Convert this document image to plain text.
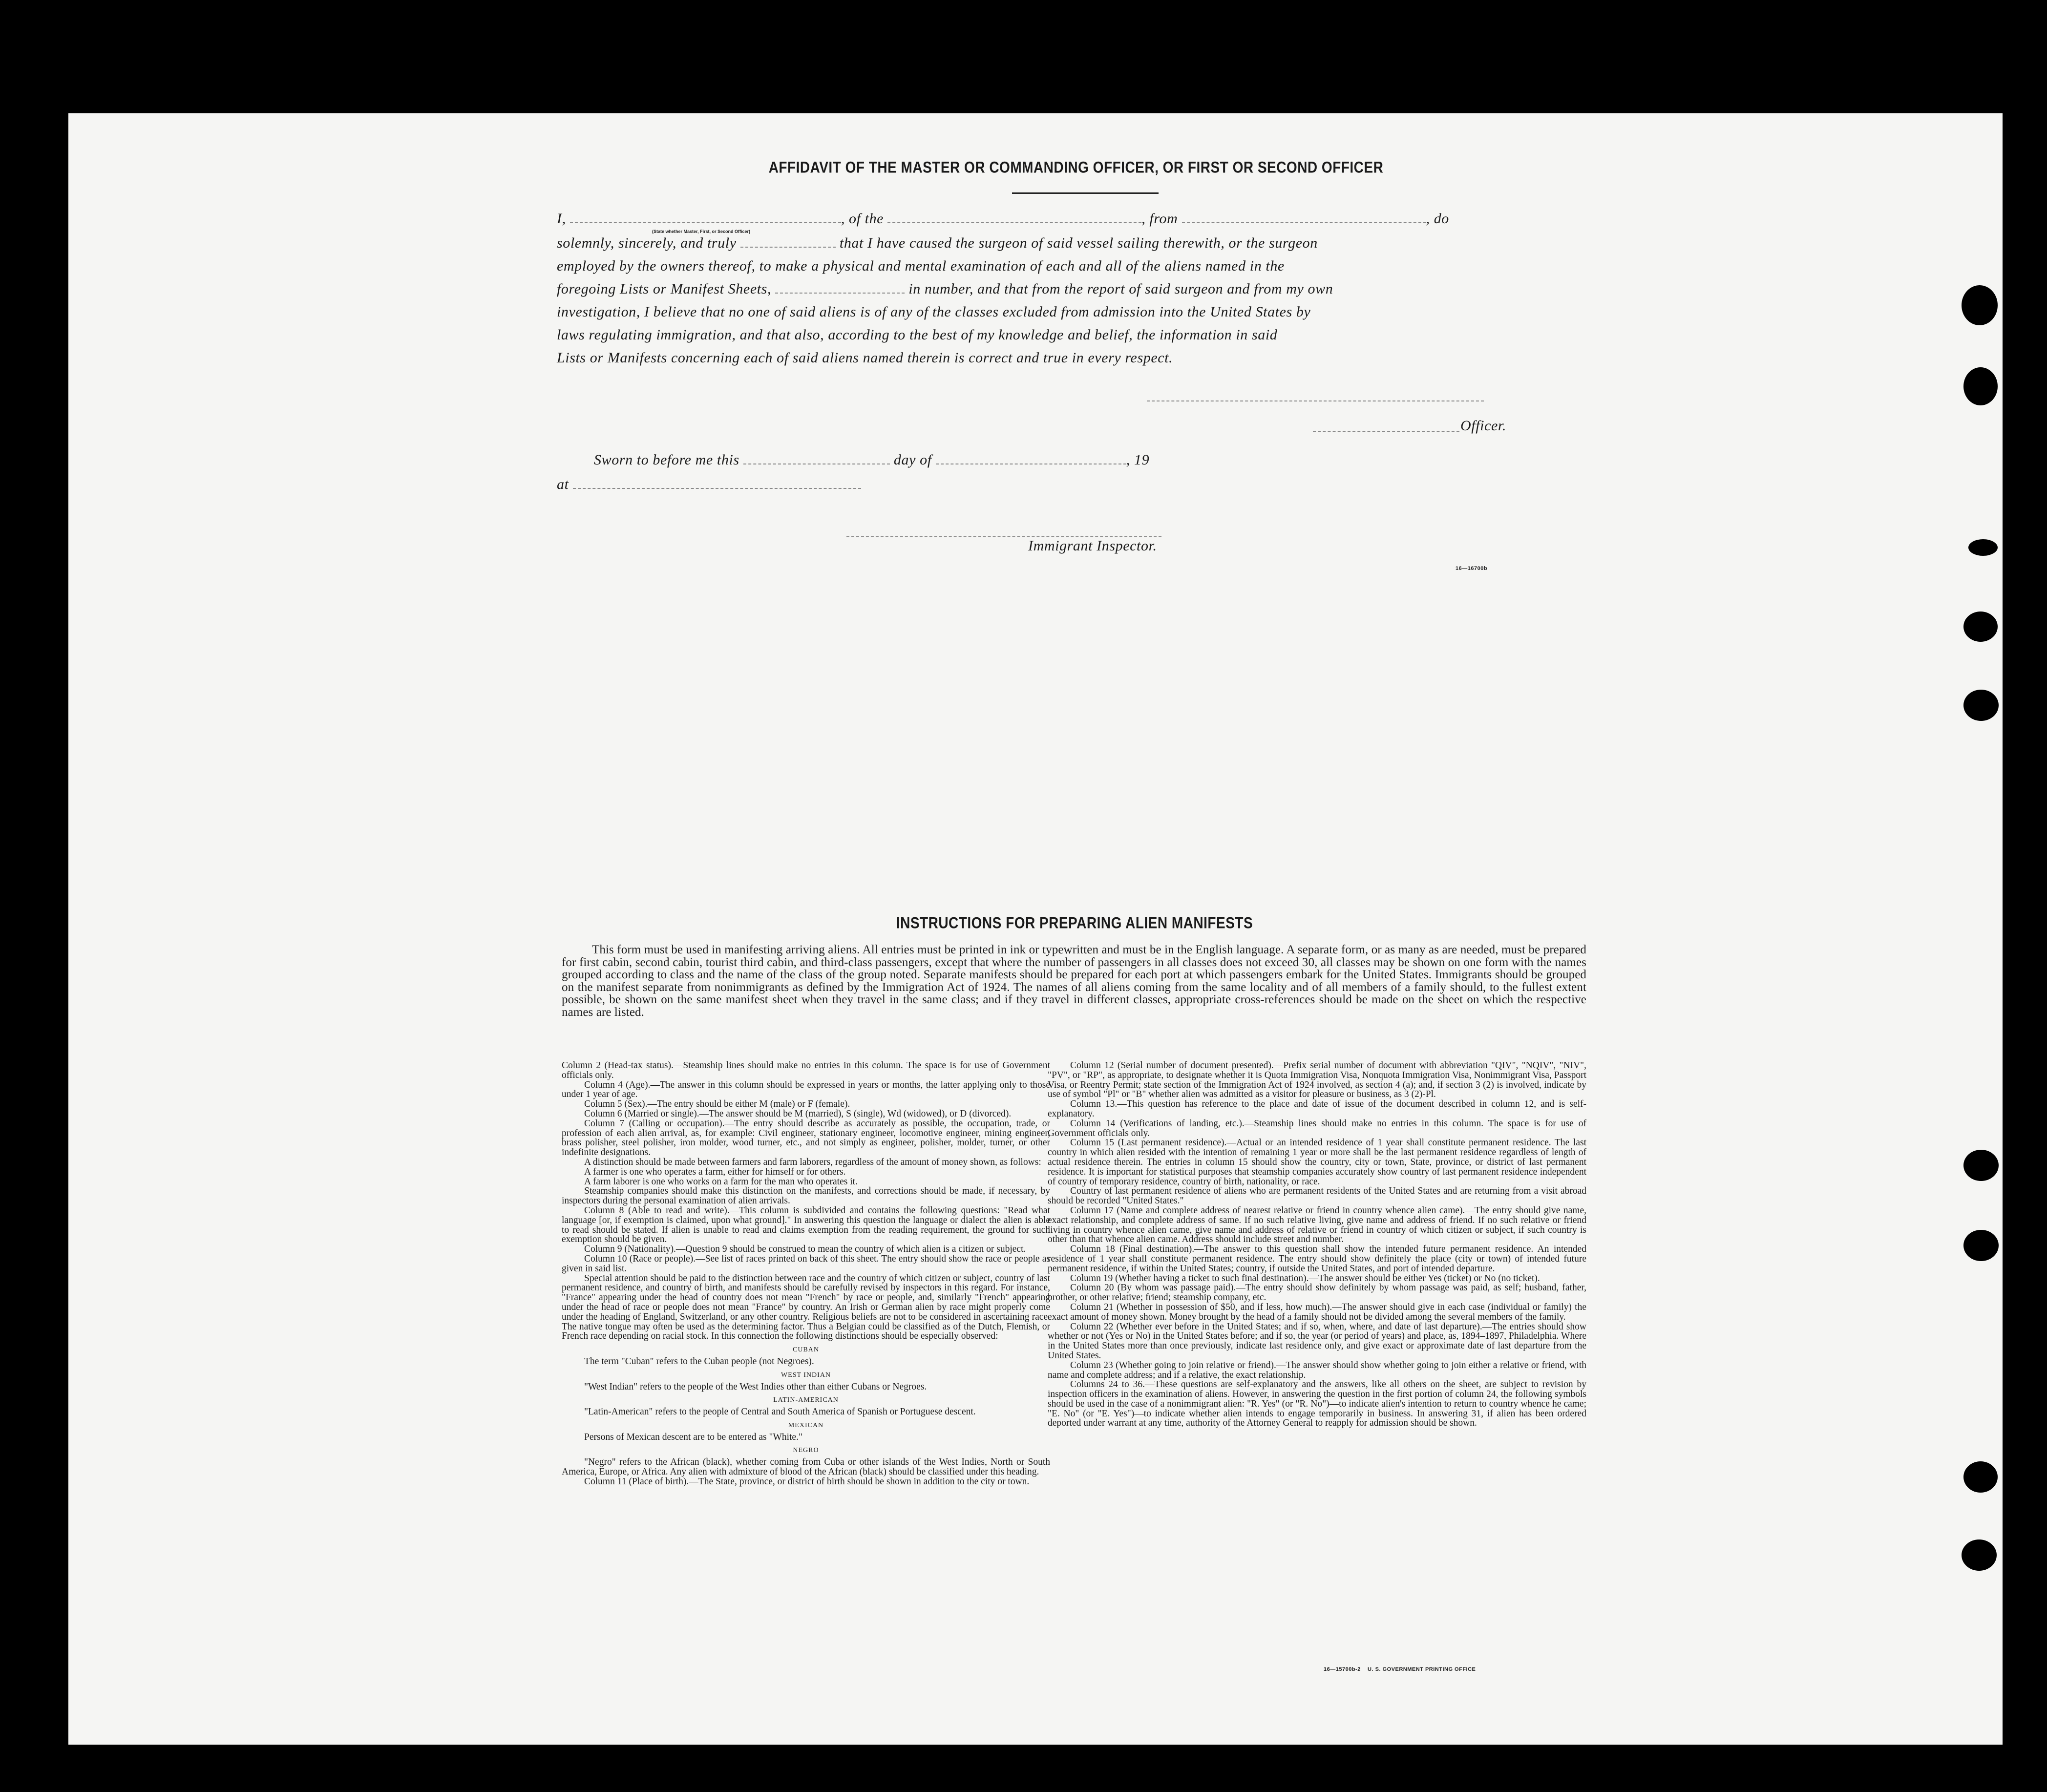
AFFIDAVIT OF THE MASTER OR COMMANDING OFFICER, OR FIRST OR SECOND OFFICER
I,	, of the	, from	, do
(State whether Master, First, or Second Officer)
solemnly, sincerely, and truly	that I have caused the surgeon of said vessel sailing therewith, or the surgeon
employed by the owners thereof, to make a physical and mental examination of each and all of the aliens named in the
foregoing Lists or Manifest Sheets,	in number, and that from the report of said surgeon and from my own
investigation, I believe that no one of said aliens is of any of the classes excluded from admission into the United States by
laws regulating immigration, and that also, according to the best of my knowledge and belief, the information in said
Lists or Manifests concerning each of said aliens named therein is correct and true in every respect.
Officer.
Sworn to before me this	day of	, 19
at
Immigrant Inspector.
16—16700b
INSTRUCTIONS FOR PREPARING ALIEN MANIFESTS
This form must be used in manifesting arriving aliens. All entries must be printed in ink or typewritten and must be in the English language. A separate form, or as many as are needed, must be prepared for first cabin, second cabin, tourist third cabin, and third-class passengers, except that where the number of passengers in all classes does not exceed 30, all classes may be shown on one form with the names grouped according to class and the name of the class of the group noted. Separate manifests should be prepared for each port at which passengers embark for the United States. Immigrants should be grouped on the manifest separate from nonimmigrants as defined by the Immigration Act of 1924. The names of all aliens coming from the same locality and of all members of a family should, to the fullest extent possible, be shown on the same manifest sheet when they travel in the same class; and if they travel in different classes, appropriate cross-references should be made on the sheet on which the respective names are listed.

Column 2 (Head-tax status).—Steamship lines should make no entries in this column. The space is for use of Government officials only.

Column 4 (Age).—The answer in this column should be expressed in years or months, the latter applying only to those under 1 year of age.

Column 5 (Sex).—The entry should be either M (male) or F (female).

Column 6 (Married or single).—The answer should be M (married), S (single), Wd (widowed), or D (divorced).

Column 7 (Calling or occupation).—The entry should describe as accurately as possible, the occupation, trade, or profession of each alien arrival, as, for example: Civil engineer, stationary engineer, locomotive engineer, mining engineer, brass polisher, steel polisher, iron molder, wood turner, etc., and not simply as engineer, polisher, molder, turner, or other indefinite designations.

A distinction should be made between farmers and farm laborers, regardless of the amount of money shown, as follows:

A farmer is one who operates a farm, either for himself or for others.

A farm laborer is one who works on a farm for the man who operates it.

Steamship companies should make this distinction on the manifests, and corrections should be made, if necessary, by inspectors during the personal examination of alien arrivals.

Column 8 (Able to read and write).—This column is subdivided and contains the following questions: "Read what language [or, if exemption is claimed, upon what ground]." In answering this question the language or dialect the alien is able to read should be stated. If alien is unable to read and claims exemption from the reading requirement, the ground for such exemption should be given.

Column 9 (Nationality).—Question 9 should be construed to mean the country of which alien is a citizen or subject.

Column 10 (Race or people).—See list of races printed on back of this sheet. The entry should show the race or people as given in said list.

Special attention should be paid to the distinction between race and the country of which citizen or subject, country of last permanent residence, and country of birth, and manifests should be carefully revised by inspectors in this regard. For instance, "France" appearing under the head of country does not mean "French" by race or people, and, similarly "French" appearing under the head of race or people does not mean "France" by country. An Irish or German alien by race might properly come under the heading of England, Switzerland, or any other country. Religious beliefs are not to be considered in ascertaining race. The native tongue may often be used as the determining factor. Thus a Belgian could be classified as of the Dutch, Flemish, or French race depending on racial stock. In this connection the following distinctions should be especially observed:

CUBAN

The term "Cuban" refers to the Cuban people (not Negroes).

WEST INDIAN

"West Indian" refers to the people of the West Indies other than either Cubans or Negroes.

LATIN-AMERICAN

"Latin-American" refers to the people of Central and South America of Spanish or Portuguese descent.

MEXICAN

Persons of Mexican descent are to be entered as "White."

NEGRO

"Negro" refers to the African (black), whether coming from Cuba or other islands of the West Indies, North or South America, Europe, or Africa. Any alien with admixture of blood of the African (black) should be classified under this heading.

Column 11 (Place of birth).—The State, province, or district of birth should be shown in addition to the city or town.

Column 12 (Serial number of document presented).—Prefix serial number of document with abbreviation "QIV", "NQIV", "NIV", "PV", or "RP", as appropriate, to designate whether it is Quota Immigration Visa, Nonquota Immigration Visa, Nonimmigrant Visa, Passport Visa, or Reentry Permit; state section of the Immigration Act of 1924 involved, as section 4 (a); and, if section 3 (2) is involved, indicate by use of symbol "Pl" or "B" whether alien was admitted as a visitor for pleasure or business, as 3 (2)-Pl.

Column 13.—This question has reference to the place and date of issue of the document described in column 12, and is self-explanatory.

Column 14 (Verifications of landing, etc.).—Steamship lines should make no entries in this column. The space is for use of Government officials only.

Column 15 (Last permanent residence).—Actual or an intended residence of 1 year shall constitute permanent residence. The last country in which alien resided with the intention of remaining 1 year or more shall be the last permanent residence regardless of length of actual residence therein. The entries in column 15 should show the country, city or town, State, province, or district of last permanent residence. It is important for statistical purposes that steamship companies accurately show country of last permanent residence independent of country of temporary residence, country of birth, nationality, or race.

Country of last permanent residence of aliens who are permanent residents of the United States and are returning from a visit abroad should be recorded "United States."

Column 17 (Name and complete address of nearest relative or friend in country whence alien came).—The entry should give name, exact relationship, and complete address of same. If no such relative living, give name and address of friend. If no such relative or friend living in country whence alien came, give name and address of relative or friend in country of which citizen or subject, if such country is other than that whence alien came. Address should include street and number.

Column 18 (Final destination).—The answer to this question shall show the intended future permanent residence. An intended residence of 1 year shall constitute permanent residence. The entry should show definitely the place (city or town) of intended future permanent residence, if within the United States; country, if outside the United States, and port of intended departure.

Column 19 (Whether having a ticket to such final destination).—The answer should be either Yes (ticket) or No (no ticket).

Column 20 (By whom was passage paid).—The entry should show definitely by whom passage was paid, as self; husband, father, brother, or other relative; friend; steamship company, etc.

Column 21 (Whether in possession of $50, and if less, how much).—The answer should give in each case (individual or family) the exact amount of money shown. Money brought by the head of a family should not be divided among the several members of the family.

Column 22 (Whether ever before in the United States; and if so, when, where, and date of last departure).—The entries should show whether or not (Yes or No) in the United States before; and if so, the year (or period of years) and place, as, 1894–1897, Philadelphia. Where in the United States more than once previously, indicate last residence only, and give exact or approximate date of last departure from the United States.

Column 23 (Whether going to join relative or friend).—The answer should show whether going to join either a relative or friend, with name and complete address; and if a relative, the exact relationship.

Columns 24 to 36.—These questions are self-explanatory and the answers, like all others on the sheet, are subject to revision by inspection officers in the examination of aliens. However, in answering the question in the first portion of column 24, the following symbols should be used in the case of a nonimmigrant alien: "R. Yes" (or "R. No")—to indicate alien's intention to return to country whence he came; "E. No" (or "E. Yes")—to indicate whether alien intends to engage temporarily in business. In answering 31, if alien has been ordered deported under warrant at any time, authority of the Attorney General to reapply for admission should be shown.

16—15700b-2    U. S. GOVERNMENT PRINTING OFFICE
